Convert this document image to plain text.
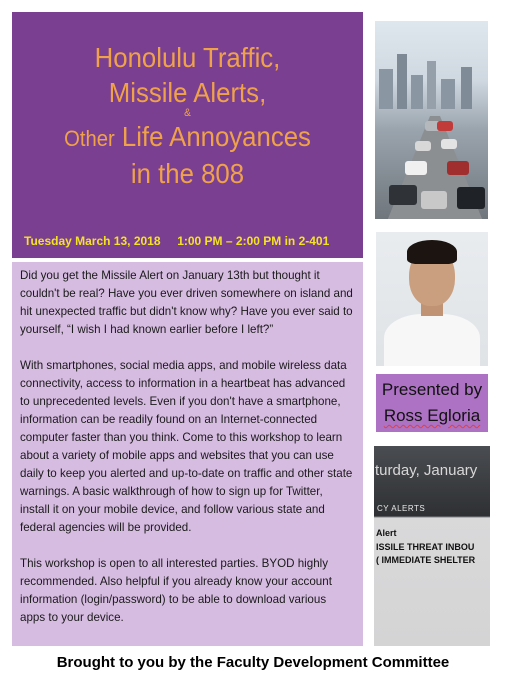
Honolulu Traffic,
Missile Alerts,
&
Other Life Annoyances
in the 808
Tuesday March 13, 2018 1:00 PM – 2:00 PM in 2-401

Did you get the Missile Alert on January 13th but thought it couldn't be real? Have you ever driven somewhere on island and hit unexpected traffic but didn't know why? Have you ever said to yourself, “I wish I had known earlier before I left?”

With smartphones, social media apps, and mobile wireless data connectivity, access to information in a heartbeat has advanced to unprecedented levels. Even if you don't have a smartphone, information can be readily found on an Internet-connected computer faster than you think. Come to this workshop to learn about a variety of mobile apps and websites that you can use daily to keep you alerted and up-to-date on traffic and other state warnings. A basic walkthrough of how to sign up for Twitter, install it on your mobile device, and follow various state and federal agencies will be provided.

This workshop is open to all interested parties. BYOD highly recommended. Also helpful if you already know your account information (login/password) to be able to download various apps to your device.

Presented by
Ross Egloria
turday, January
CY ALERTS
Alert
ISSILE THREAT INBOU
( IMMEDIATE SHELTER
Brought to you by the Faculty Development Committee
